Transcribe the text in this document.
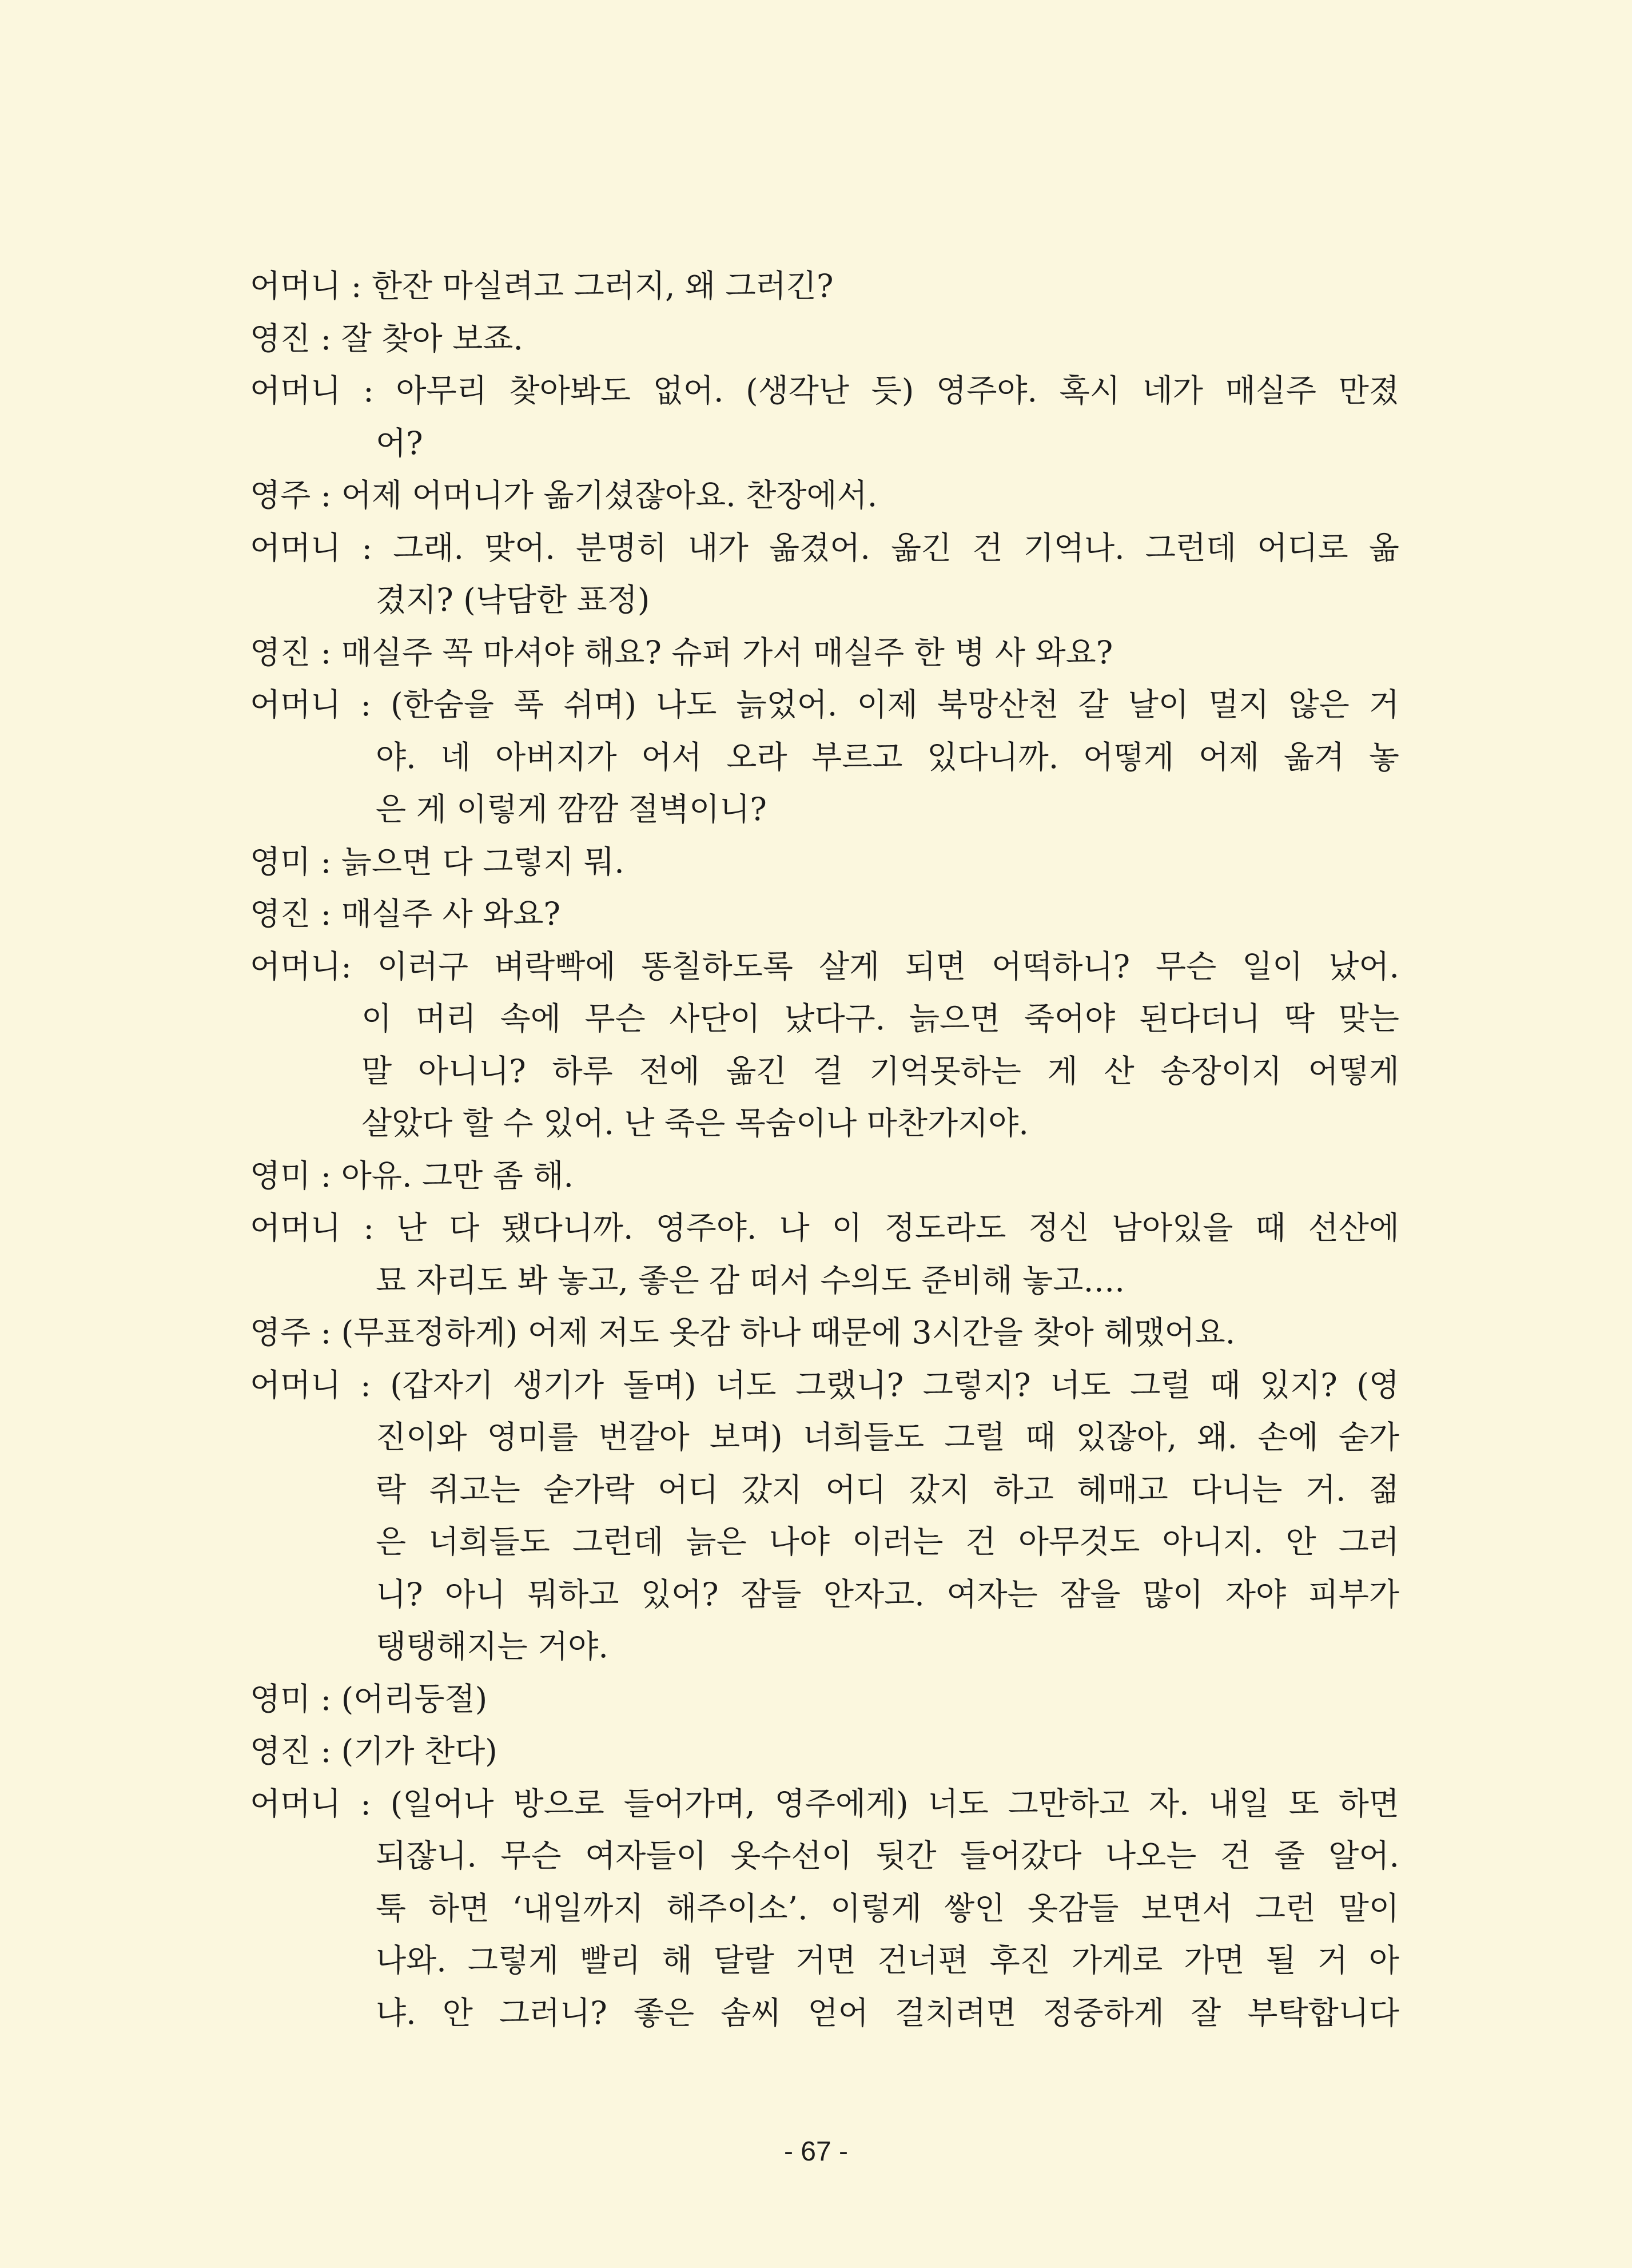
어머니 : 한잔 마실려고 그러지, 왜 그러긴?
영진 : 잘 찾아 보죠.
어머니 : 아무리 찾아봐도 없어. (생각난 듯) 영주야. 혹시 네가 매실주 만졌
어?
영주 : 어제 어머니가 옮기셨잖아요. 찬장에서.
어머니 : 그래. 맞어. 분명히 내가 옮겼어. 옮긴 건 기억나. 그런데 어디로 옮
겼지? (낙담한 표정)
영진 : 매실주 꼭 마셔야 해요? 슈퍼 가서 매실주 한 병 사 와요?
어머니 : (한숨을 푹 쉬며) 나도 늙었어. 이제 북망산천 갈 날이 멀지 않은 거
야. 네 아버지가 어서 오라 부르고 있다니까. 어떻게 어제 옮겨 놓
은 게 이렇게 깜깜 절벽이니?
영미 : 늙으면 다 그렇지 뭐.
영진 : 매실주 사 와요?
어머니: 이러구 벼락빡에 똥칠하도록 살게 되면 어떡하니? 무슨 일이 났어.
이 머리 속에 무슨 사단이 났다구. 늙으면 죽어야 된다더니 딱 맞는
말 아니니? 하루 전에 옮긴 걸 기억못하는 게 산 송장이지 어떻게
살았다 할 수 있어. 난 죽은 목숨이나 마찬가지야.
영미 : 아유. 그만 좀 해.
어머니 : 난 다 됐다니까. 영주야. 나 이 정도라도 정신 남아있을 때 선산에
묘 자리도 봐 놓고, 좋은 감 떠서 수의도 준비해 놓고….
영주 : (무표정하게) 어제 저도 옷감 하나 때문에 3시간을 찾아 헤맸어요.
어머니 : (갑자기 생기가 돌며) 너도 그랬니? 그렇지? 너도 그럴 때 있지? (영
진이와 영미를 번갈아 보며) 너희들도 그럴 때 있잖아, 왜. 손에 숟가
락 쥐고는 숟가락 어디 갔지 어디 갔지 하고 헤매고 다니는 거. 젊
은 너희들도 그런데 늙은 나야 이러는 건 아무것도 아니지. 안 그러
니? 아니 뭐하고 있어? 잠들 안자고. 여자는 잠을 많이 자야 피부가
탱탱해지는 거야.
영미 : (어리둥절)
영진 : (기가 찬다)
어머니 : (일어나 방으로 들어가며, 영주에게) 너도 그만하고 자. 내일 또 하면
되잖니. 무슨 여자들이 옷수선이 뒷간 들어갔다 나오는 건 줄 알어.
툭 하면 ‘내일까지 해주이소’. 이렇게 쌓인 옷감들 보면서 그런 말이
나와. 그렇게 빨리 해 달랄 거면 건너편 후진 가게로 가면 될 거 아
냐. 안 그러니? 좋은 솜씨 얻어 걸치려면 정중하게 잘 부탁합니다
- 67 -
